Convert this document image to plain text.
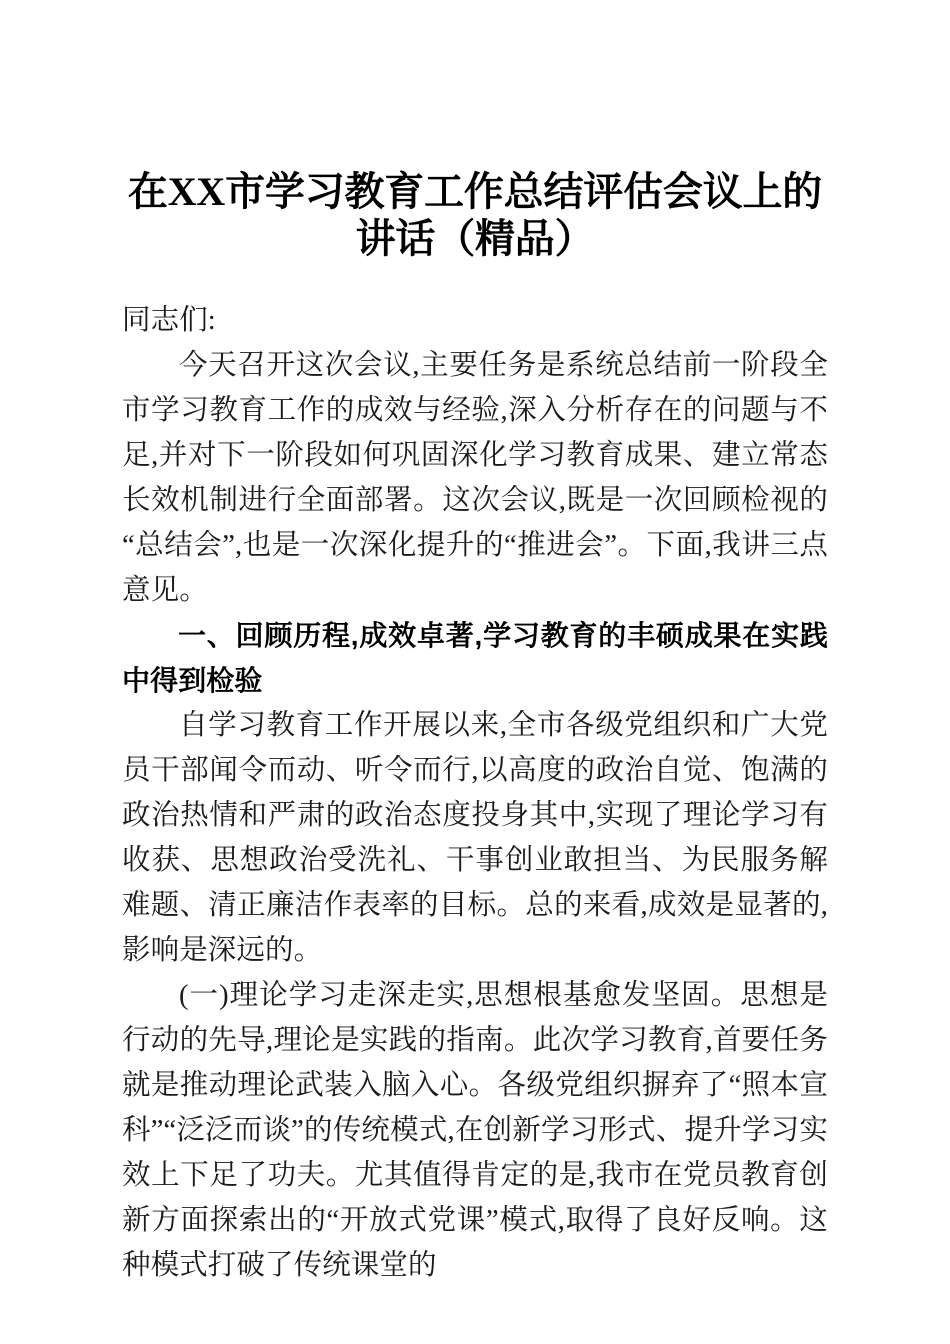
在XX市学习教育工作总结评估会议上的讲话（精品）

同志们:

今天召开这次会议,主要任务是系统总结前一阶段全市学习教育工作的成效与经验,深入分析存在的问题与不足,并对下一阶段如何巩固深化学习教育成果、建立常态长效机制进行全面部署。这次会议,既是一次回顾检视的“总结会”,也是一次深化提升的“推进会”。下面,我讲三点意见。

一、回顾历程,成效卓著,学习教育的丰硕成果在实践中得到检验

自学习教育工作开展以来,全市各级党组织和广大党员干部闻令而动、听令而行,以高度的政治自觉、饱满的政治热情和严肃的政治态度投身其中,实现了理论学习有收获、思想政治受洗礼、干事创业敢担当、为民服务解难题、清正廉洁作表率的目标。总的来看,成效是显著的,影响是深远的。

(一)理论学习走深走实,思想根基愈发坚固。思想是行动的先导,理论是实践的指南。此次学习教育,首要任务就是推动理论武装入脑入心。各级党组织摒弃了“照本宣科”“泛泛而谈”的传统模式,在创新学习形式、提升学习实效上下足了功夫。尤其值得肯定的是,我市在党员教育创新方面探索出的“开放式党课”模式,取得了良好反响。这种模式打破了传统课堂的
